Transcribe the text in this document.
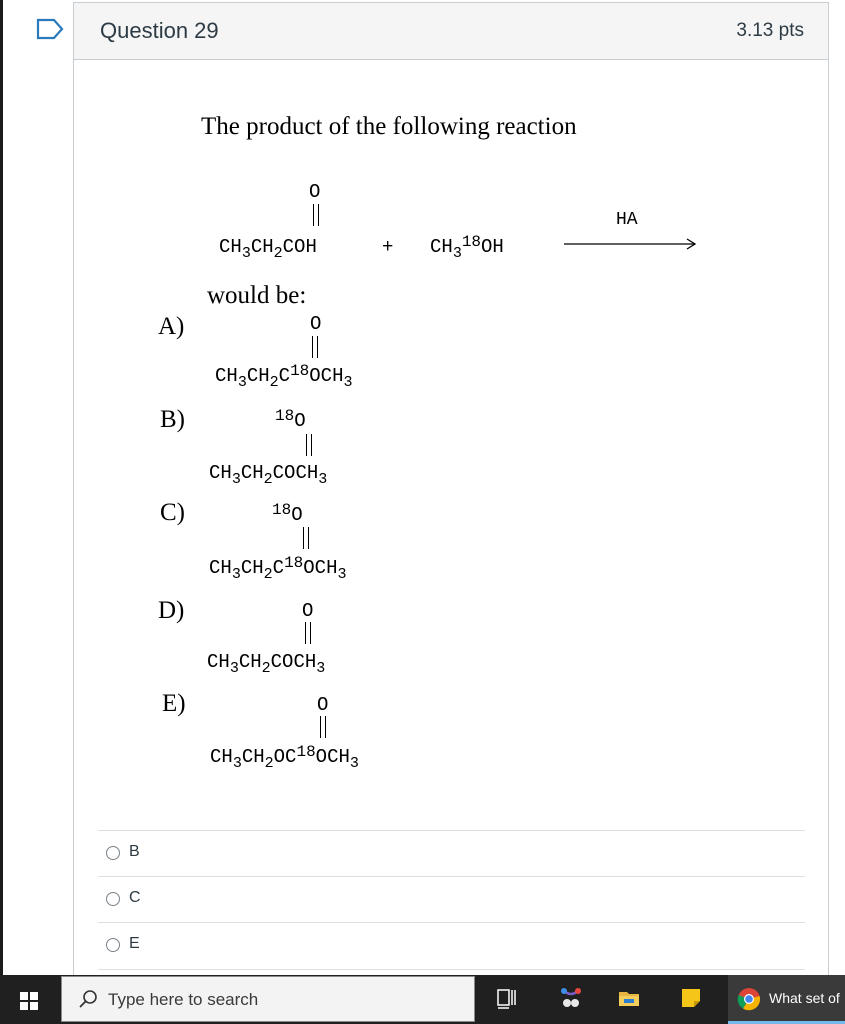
Question 29	3.13 pts
The product of the following reaction
O
$CH_3CH_2COH$	+ $CH_3^{18}OH$
HA
would be:
A)	O
$CH_3CH_2C^{18}OCH_3$
B)	$^{18}$O
$CH_3CH_2COCH_3$
C)	$^{18}$O
$CH_3CH_2C^{18}OCH_3$
D)	O
$CH_3CH_2COCH_3$
E)	O
$CH_3CH_2OC^{18}OCH_3$
B
C
E
Type here to search	What set of
